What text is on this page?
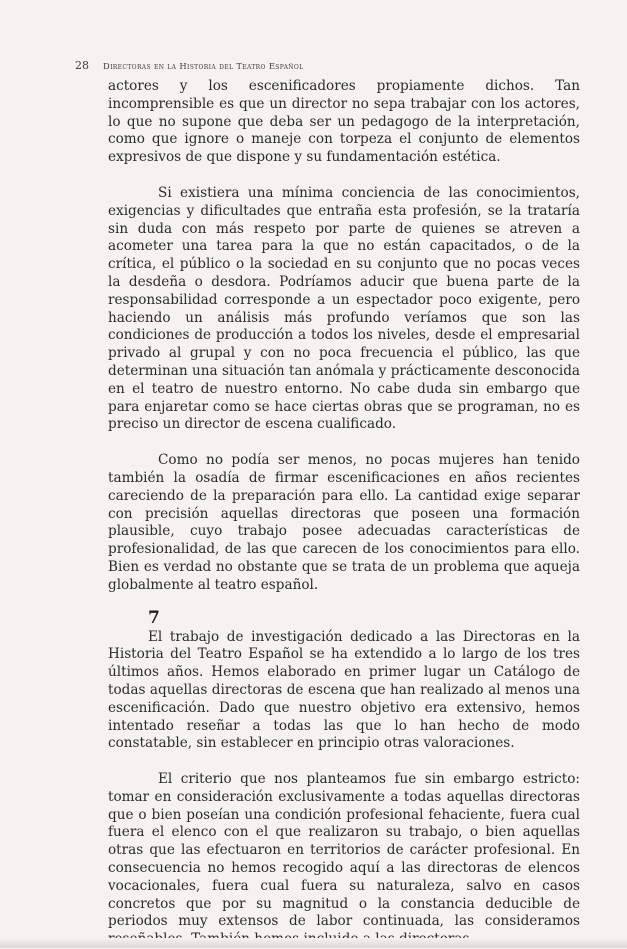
28 Directoras en la Historia del Teatro Español

actores y los escenificadores propiamente dichos. Tan incomprensible es que un director no sepa trabajar con los actores, lo que no supone que deba ser un pedagogo de la interpretación, como que ignore o maneje con torpeza el conjunto de elementos expresivos de que dispone y su fundamentación estética.

Si existiera una mínima conciencia de las conocimientos, exigencias y dificultades que entraña esta profesión, se la trataría sin duda con más respeto por parte de quienes se atreven a acometer una tarea para la que no están capacitados, o de la crítica, el público o la sociedad en su conjunto que no pocas veces la desdeña o desdora. Podríamos aducir que buena parte de la responsabilidad corresponde a un espectador poco exigente, pero haciendo un análisis más profundo veríamos que son las condiciones de producción a todos los niveles, desde el empresarial privado al grupal y con no poca frecuencia el público, las que determinan una situación tan anómala y prácticamente desconocida en el teatro de nuestro entorno. No cabe duda sin embargo que para enjaretar como se hace ciertas obras que se programan, no es preciso un director de escena cualificado.

Como no podía ser menos, no pocas mujeres han tenido también la osadía de firmar escenificaciones en años recientes careciendo de la preparación para ello. La cantidad exige separar con precisión aquellas directoras que poseen una formación plausible, cuyo trabajo posee adecuadas características de profesionalidad, de las que carecen de los conocimientos para ello. Bien es verdad no obstante que se trata de un problema que aqueja globalmente al teatro español.

7

El trabajo de investigación dedicado a las Directoras en la Historia del Teatro Español se ha extendido a lo largo de los tres últimos años. Hemos elaborado en primer lugar un Catálogo de todas aquellas directoras de escena que han realizado al menos una escenificación. Dado que nuestro objetivo era extensivo, hemos intentado reseñar a todas las que lo han hecho de modo constatable, sin establecer en principio otras valoraciones.

El criterio que nos planteamos fue sin embargo estricto: tomar en consideración exclusivamente a todas aquellas directoras que o bien poseían una condición profesional fehaciente, fuera cual fuera el elenco con el que realizaron su trabajo, o bien aquellas otras que las efectuaron en territorios de carácter profesional. En consecuencia no hemos recogido aquí a las directoras de elencos vocacionales, fuera cual fuera su naturaleza, salvo en casos concretos que por su magnitud o la constancia deducible de periodos muy extensos de labor continuada, las consideramos
